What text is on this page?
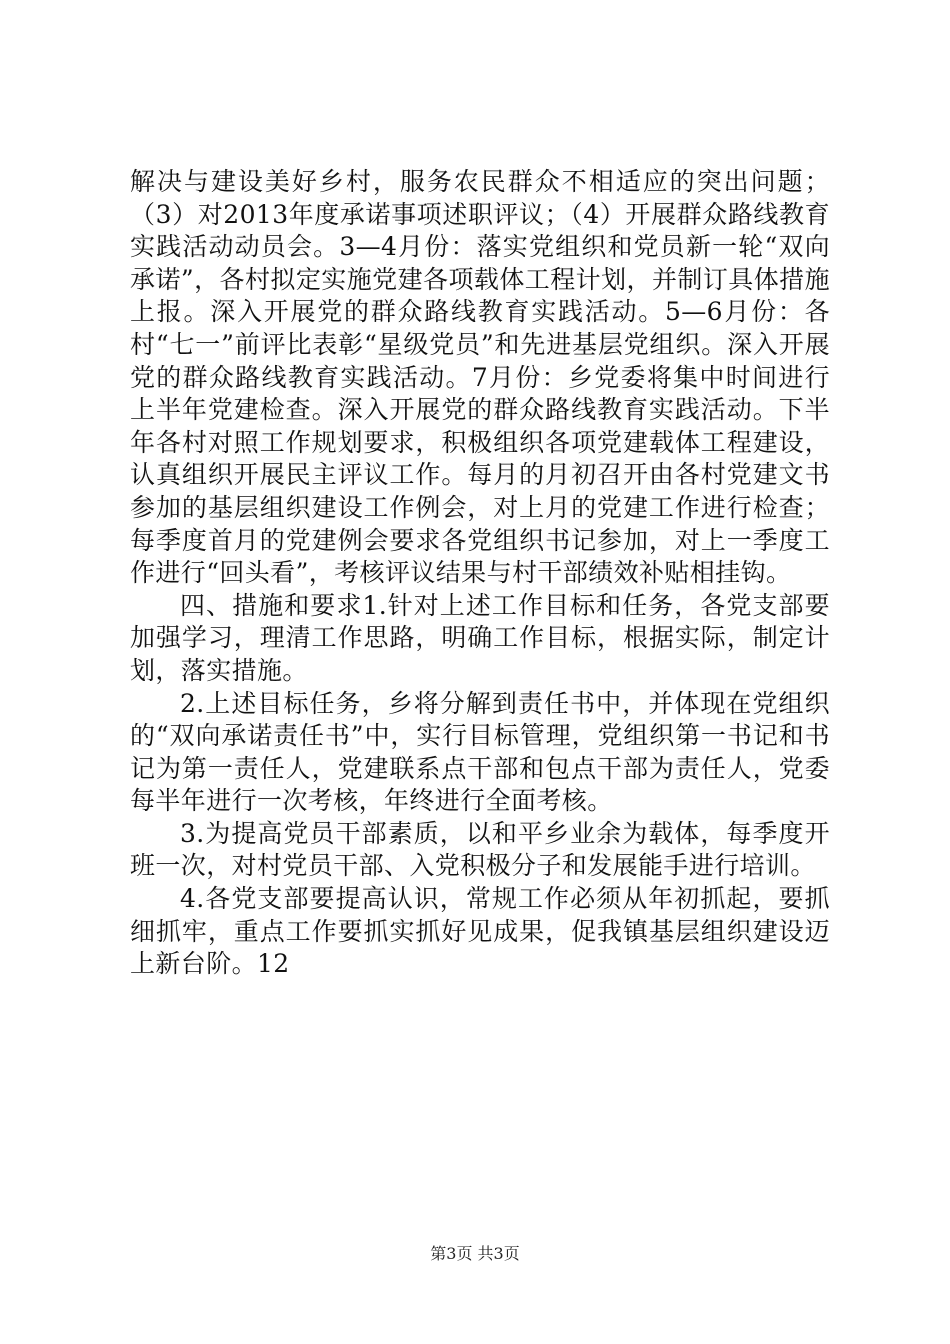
解决与建设美好乡村，服务农民群众不相适应的突出问题；（3）对2013年度承诺事项述职评议；（4）开展群众路线教育实践活动动员会。3—4月份：落实党组织和党员新一轮“双向承诺”，各村拟定实施党建各项载体工程计划，并制订具体措施上报。深入开展党的群众路线教育实践活动。5—6月份：各村“七一”前评比表彰“星级党员”和先进基层党组织。深入开展党的群众路线教育实践活动。7月份：乡党委将集中时间进行上半年党建检查。深入开展党的群众路线教育实践活动。下半年各村对照工作规划要求，积极组织各项党建载体工程建设，认真组织开展民主评议工作。每月的月初召开由各村党建文书参加的基层组织建设工作例会，对上月的党建工作进行检查；每季度首月的党建例会要求各党组织书记参加，对上一季度工作进行“回头看”，考核评议结果与村干部绩效补贴相挂钩。

四、措施和要求1.针对上述工作目标和任务，各党支部要加强学习，理清工作思路，明确工作目标，根据实际，制定计划，落实措施。

2.上述目标任务，乡将分解到责任书中，并体现在党组织的“双向承诺责任书”中，实行目标管理，党组织第一书记和书记为第一责任人，党建联系点干部和包点干部为责任人，党委每半年进行一次考核，年终进行全面考核。

3.为提高党员干部素质，以和平乡业余为载体，每季度开班一次，对村党员干部、入党积极分子和发展能手进行培训。

4.各党支部要提高认识，常规工作必须从年初抓起，要抓细抓牢，重点工作要抓实抓好见成果，促我镇基层组织建设迈上新台阶。12

第3页 共3页
